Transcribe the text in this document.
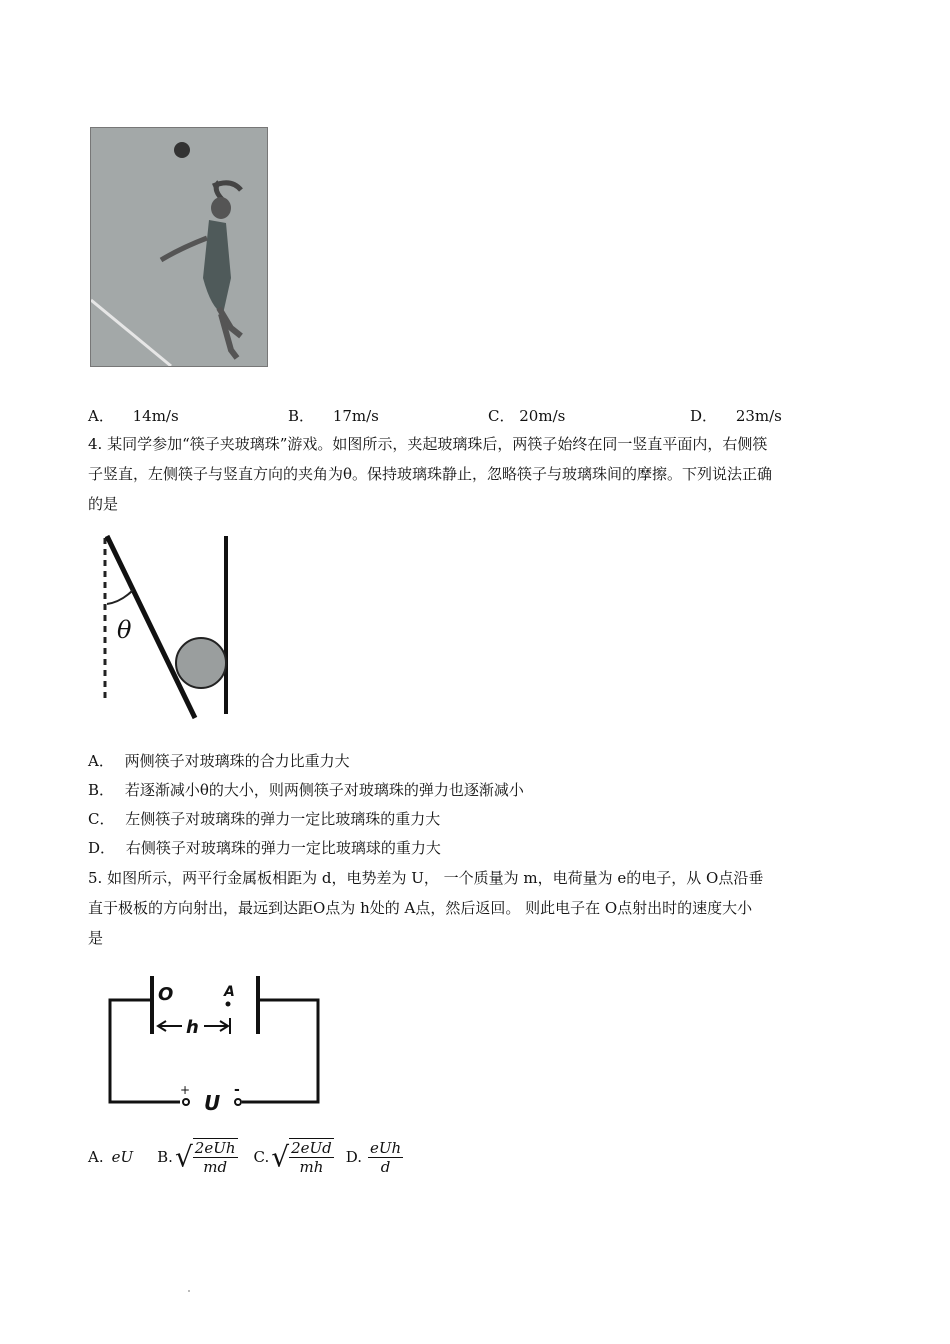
A． 14m/s	B． 17m/s	C． 20m/s	D． 23m/s
4. 某同学参加“筷子夹玻璃珠”游戏。如图所示，夹起玻璃珠后，两筷子始终在同一竖直平面内，右侧筷
子竖直，左侧筷子与竖直方向的夹角为θ。保持玻璃珠静止，忽略筷子与玻璃珠间的摩擦。下列说法正确
的是
θ
A． 两侧筷子对玻璃珠的合力比重力大
B． 若逐渐减小θ的大小，则两侧筷子对玻璃珠的弹力也逐渐减小
C． 左侧筷子对玻璃珠的弹力一定比玻璃珠的重力大
D． 右侧筷子对玻璃珠的弹力一定比玻璃球的重力大
5. 如图所示，两平行金属板相距为 d，电势差为 U， 一个质量为 m，电荷量为 e的电子，从 O点沿垂
直于极板的方向射出，最远到达距O点为 h处的 A点，然后返回。 则此电子在 O点射出时的速度大小
是
+	-
U
O	A
h
A. eU B. √ $\frac{\text{2eUh}}{md} C$. √ $\frac{\text{2eUd}}{mh} D$. $\frac{\text{eUh}}{d}$
